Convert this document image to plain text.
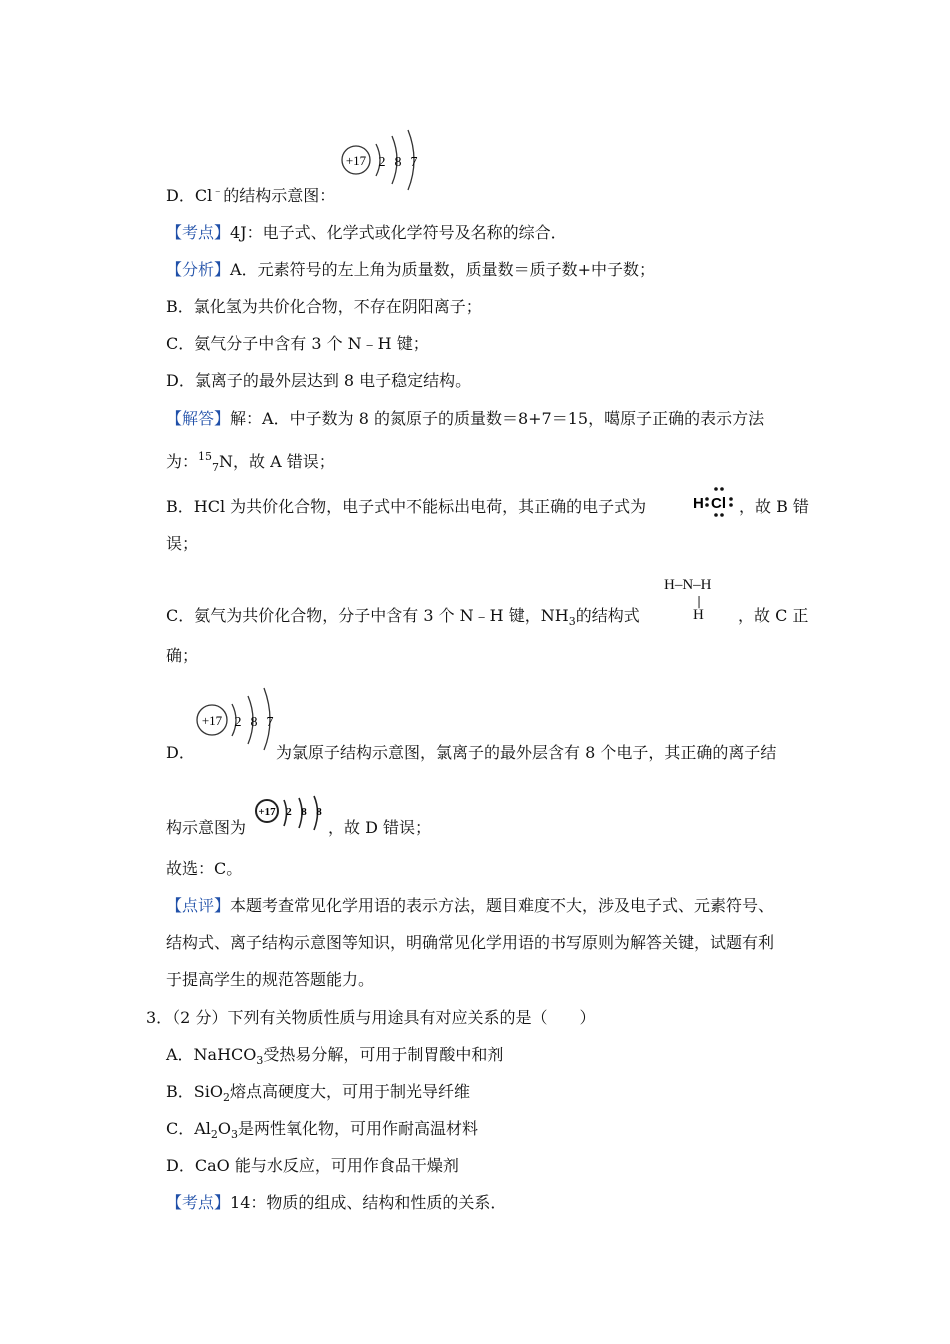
+17 2 8 7
D．Cl﹣的结构示意图：
【考点】4J：电子式、化学式或化学符号及名称的综合．
【分析】A．元素符号的左上角为质量数，质量数＝质子数+中子数；
B．氯化氢为共价化合物，不存在阴阳离子；
C．氨气分子中含有 3 个 N﹣H 键；
D．氯离子的最外层达到 8 电子稳定结构。
【解答】解：A．中子数为 8 的氮原子的质量数＝8+7＝15，噶原子正确的表示方法
为：$^{15}_7$N，故 A 错误；
B．HCl 为共价化合物，电子式中不能标出电荷，其正确的电子式为	H Cl ，故 B 错
误；
H–N–H
|
H
C．氨气为共价化合物，分子中含有 3 个 N﹣H 键，$NH_3$的结构式	，故 C 正
确；
+17 2 8 7
D．	为氯原子结构示意图，氯离子的最外层含有 8 个电子，其正确的离子结
构示意图为
+17 2 8 8
，故 D 错误；
故选：C。
【点评】本题考查常见化学用语的表示方法，题目难度不大，涉及电子式、元素符号、
结构式、离子结构示意图等知识，明确常见化学用语的书写原则为解答关键，试题有利
于提高学生的规范答题能力。
3．（2 分）下列有关物质性质与用途具有对应关系的是（　　）
A．NaHCO$_3$受热易分解，可用于制胃酸中和剂
B．SiO$_2$熔点高硬度大，可用于制光导纤维
C．$Al_2O_3$是两性氧化物，可用作耐高温材料
D．CaO 能与水反应，可用作食品干燥剂
【考点】14：物质的组成、结构和性质的关系．
